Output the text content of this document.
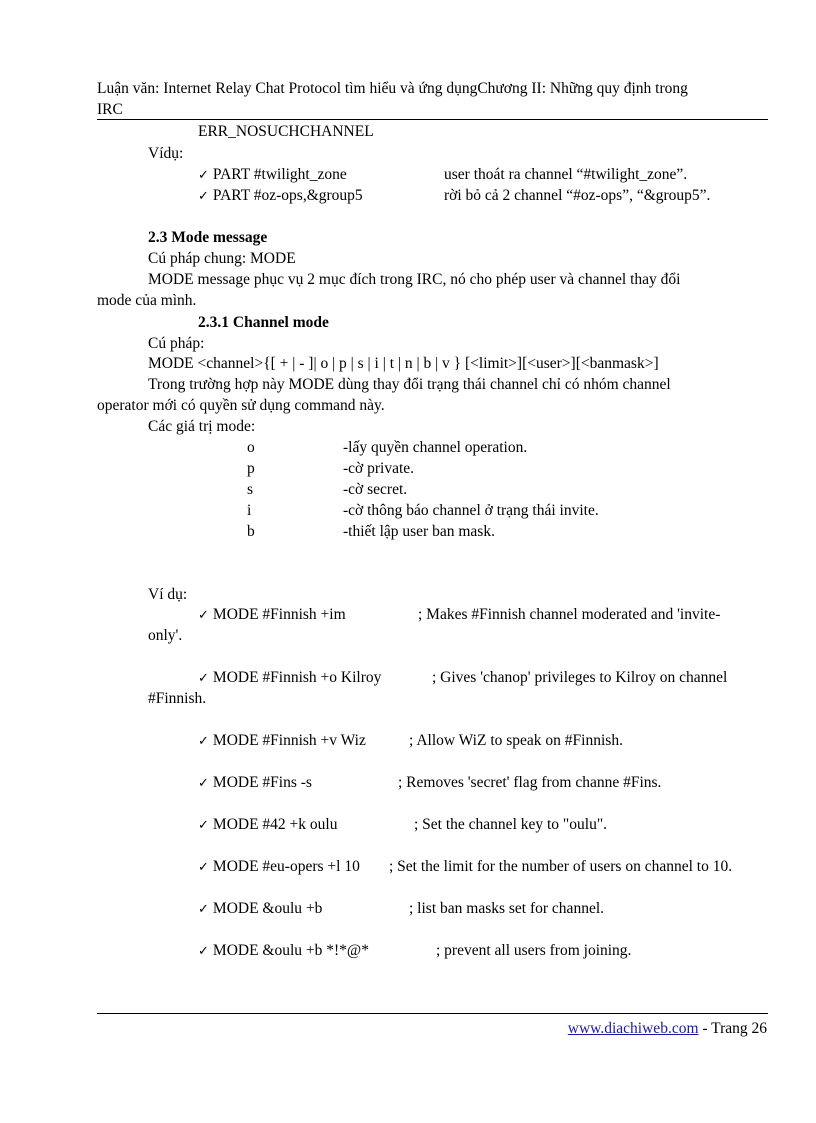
Luận văn: Internet Relay Chat Protocol tìm hiểu và ứng dụngChương II: Những quy định trong
IRC
ERR_NOSUCHCHANNEL
Vídụ:
✓ PART #twilight_zone	user thoát ra channel “#twilight_zone”.
✓ PART #oz-ops,&group5	rời bỏ cả 2 channel “#oz-ops”, “&group5”.
2.3 Mode message
Cú pháp chung: MODE
MODE message phục vụ 2 mục đích trong IRC, nó cho phép user và channel thay đổi
mode của mình.
2.3.1 Channel mode
Cú pháp:
MODE <channel>{[ + | - ]| o | p | s | i | t | n | b | v } [<limit>][<user>][<banmask>]
Trong trường hợp này MODE dùng thay đổi trạng thái channel chỉ có nhóm channel
operator mới có quyền sử dụng command này.
Các giá trị mode:
o	-lấy quyền channel operation.
p	-cờ private.
s	-cờ secret.
i	-cờ thông báo channel ở trạng thái invite.
b	-thiết lập user ban mask.
Ví dụ:
✓ MODE #Finnish +im	; Makes #Finnish channel moderated and 'invite-
only'.
✓ MODE #Finnish +o Kilroy	; Gives 'chanop' privileges to Kilroy on channel
#Finnish.
✓ MODE #Finnish +v Wiz	; Allow WiZ to speak on #Finnish.
✓ MODE #Fins -s	; Removes 'secret' flag from channe #Fins.
✓ MODE #42 +k oulu	; Set the channel key to "oulu".
✓ MODE #eu-opers +l 10 ; Set the limit for the number of users on channel to 10.
✓ MODE &oulu +b	; list ban masks set for channel.
✓ MODE &oulu +b *!*@*	; prevent all users from joining.
www.diachiweb.com - Trang 26
